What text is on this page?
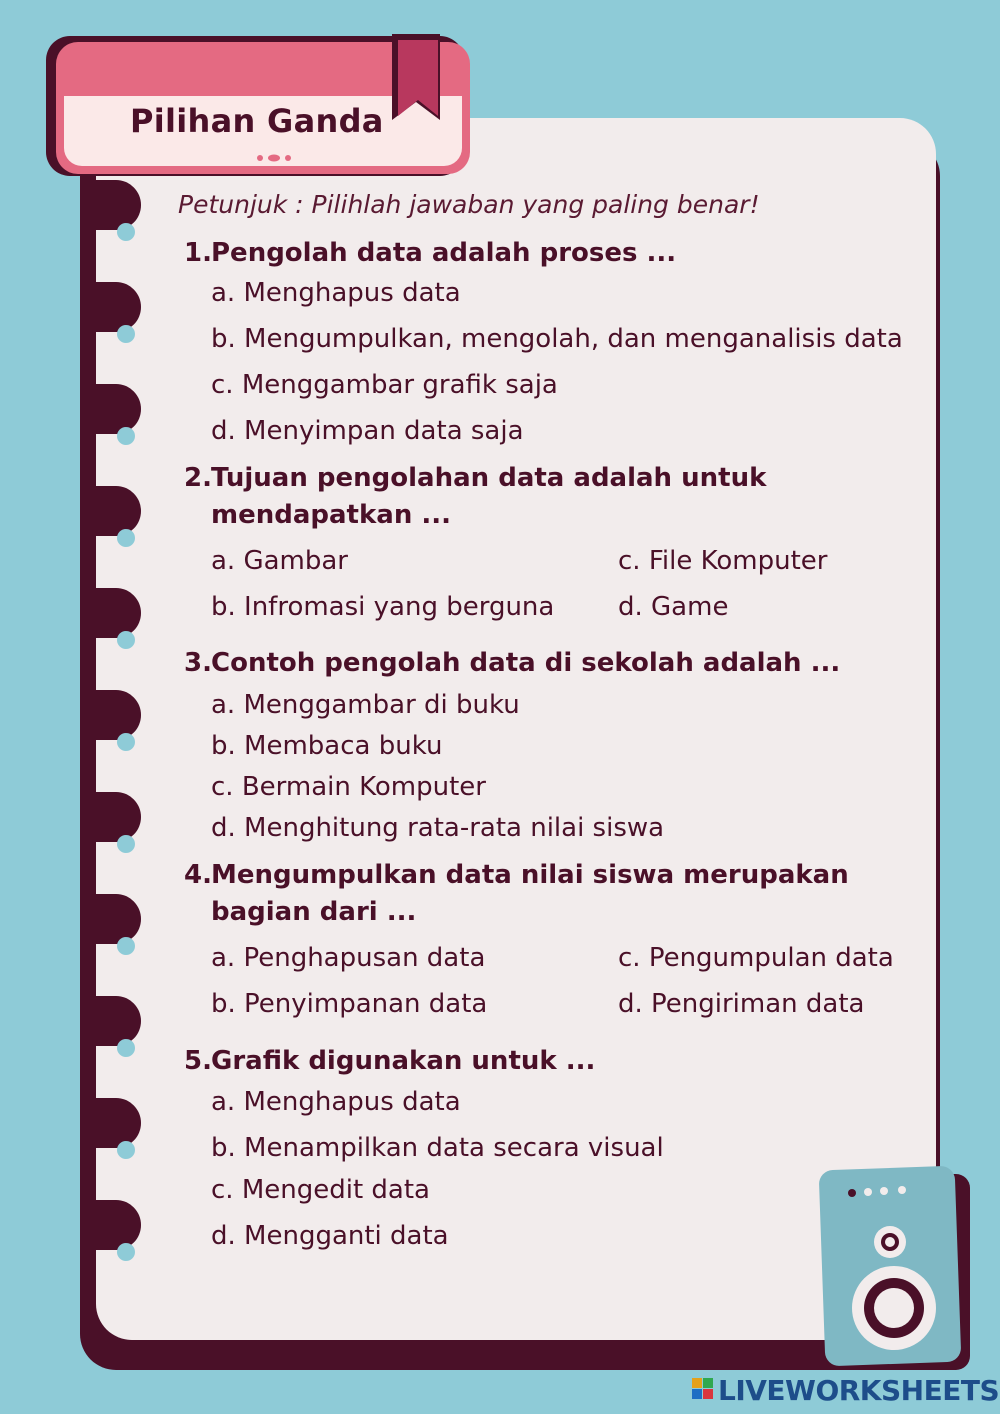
Pilihan Ganda
Petunjuk : Pilihlah jawaban yang paling benar!
1. Pengolah data adalah proses ...
a. Menghapus data
b. Mengumpulkan, mengolah, dan menganalisis data
c. Menggambar grafik saja
d. Menyimpan data saja
2. Tujuan pengolahan data adalah untuk
mendapatkan ...
a. Gambar
b. Infromasi yang berguna
c. File Komputer
d. Game
3. Contoh pengolah data di sekolah adalah ...
a. Menggambar di buku
b. Membaca buku
c. Bermain Komputer
d. Menghitung rata-rata nilai siswa
4. Mengumpulkan data nilai siswa merupakan
bagian dari ...
a. Penghapusan data
b. Penyimpanan data
c. Pengumpulan data
d. Pengiriman data
5. Grafik digunakan untuk ...
a. Menghapus data
b. Menampilkan data secara visual
c. Mengedit data
d. Mengganti data
LIVEWORKSHEETS
